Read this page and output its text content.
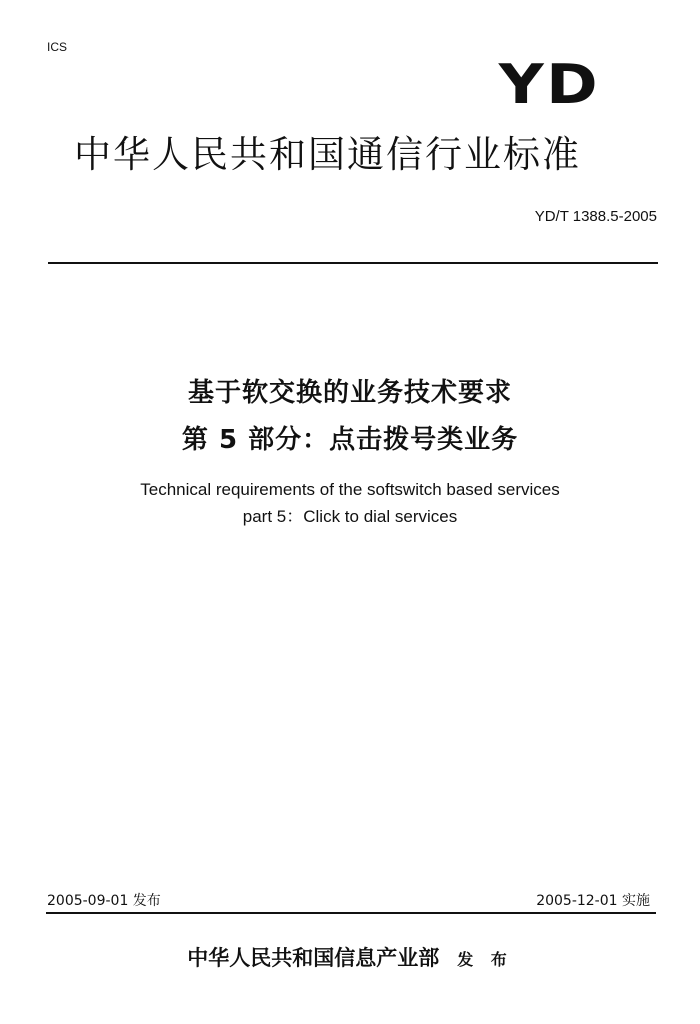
ICS
YD
中华人民共和国通信行业标准
YD/T 1388.5-2005
基于软交换的业务技术要求
第 5 部分：点击拨号类业务
Technical requirements of the softswitch based services
part 5：Click to dial services
2005-09-01 发布	2005-12-01 实施
中华人民共和国信息产业部 发 布
